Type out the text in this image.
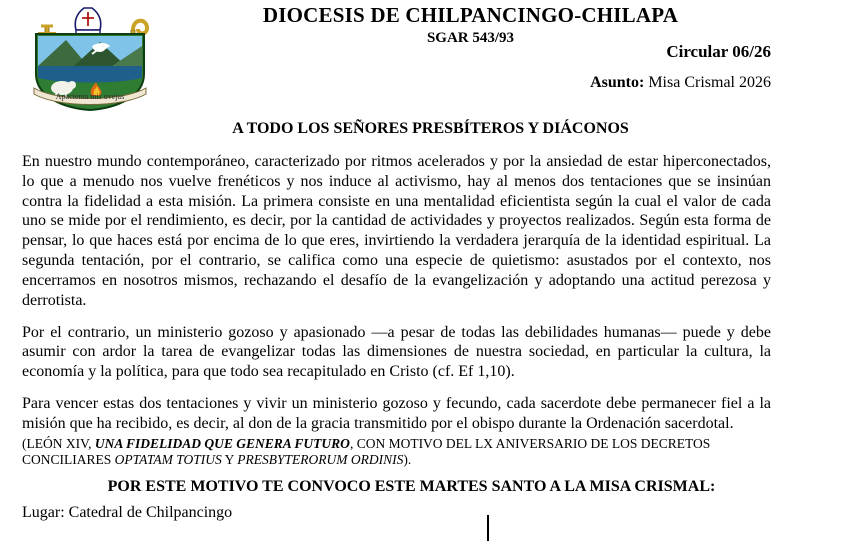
Apacienta mis ovejas
DIOCESIS DE CHILPANCINGO-CHILAPA
SGAR 543/93
Circular 06/26
Asunto: Misa Crismal 2026
A TODO LOS SEÑORES PRESBÍTEROS Y DIÁCONOS

En nuestro mundo contemporáneo, caracterizado por ritmos acelerados y por la ansiedad de estar hiperconectados, lo que a menudo nos vuelve frenéticos y nos induce al activismo, hay al menos dos tentaciones que se insinúan contra la fidelidad a esta misión. La primera consiste en una mentalidad eficientista según la cual el valor de cada uno se mide por el rendimiento, es decir, por la cantidad de actividades y proyectos realizados. Según esta forma de pensar, lo que haces está por encima de lo que eres, invirtiendo la verdadera jerarquía de la identidad espiritual. La segunda tentación, por el contrario, se califica como una especie de quietismo: asustados por el contexto, nos encerramos en nosotros mismos, rechazando el desafío de la evangelización y adoptando una actitud perezosa y derrotista.

Por el contrario, un ministerio gozoso y apasionado —a pesar de todas las debilidades humanas— puede y debe asumir con ardor la tarea de evangelizar todas las dimensiones de nuestra sociedad, en particular la cultura, la economía y la política, para que todo sea recapitulado en Cristo (cf. Ef 1,10).

Para vencer estas dos tentaciones y vivir un ministerio gozoso y fecundo, cada sacerdote debe permanecer fiel a la misión que ha recibido, es decir, al don de la gracia transmitido por el obispo durante la Ordenación sacerdotal.

(LEÓN XIV, UNA FIDELIDAD QUE GENERA FUTURO, CON MOTIVO DEL LX ANIVERSARIO DE LOS DECRETOS CONCILIARES OPTATAM TOTIUS Y PRESBYTERORUM ORDINIS).

POR ESTE MOTIVO TE CONVOCO ESTE MARTES SANTO A LA MISA CRISMAL:
Lugar: Catedral de Chilpancingo
